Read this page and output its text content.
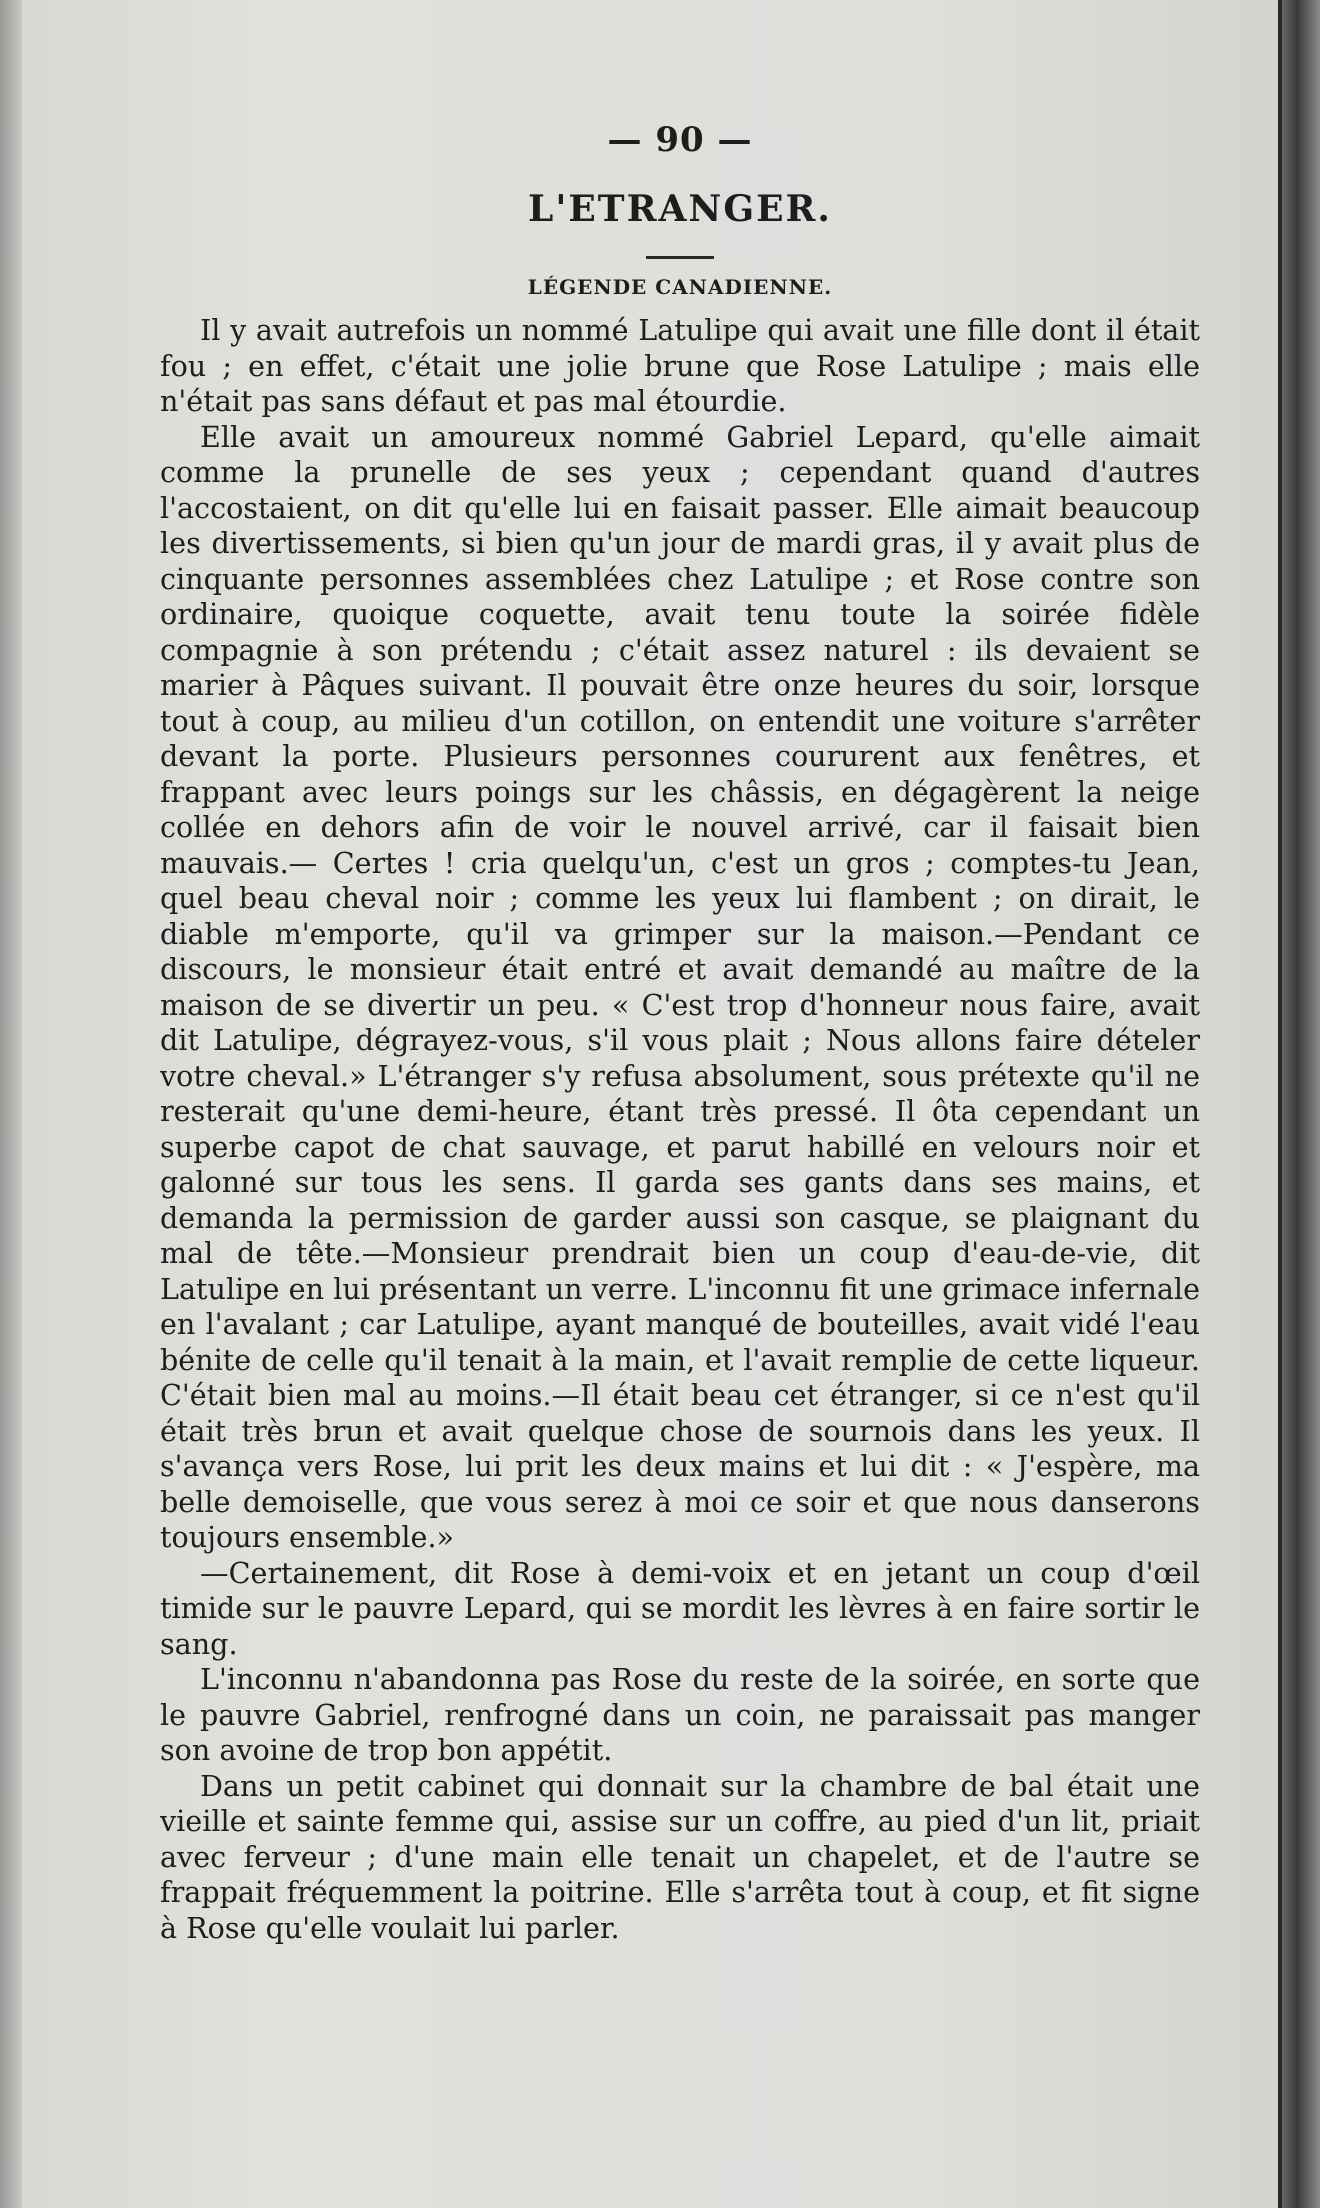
— 90 —
L'ETRANGER.
LÉGENDE CANADIENNE.

Il y avait autrefois un nommé Latulipe qui avait une fille dont il était fou ; en effet, c'était une jolie brune que Rose Latulipe ; mais elle n'était pas sans défaut et pas mal étourdie.

Elle avait un amoureux nommé Gabriel Lepard, qu'elle aimait comme la prunelle de ses yeux ; cependant quand d'autres l'accostaient, on dit qu'elle lui en faisait passer. Elle aimait beaucoup les divertissements, si bien qu'un jour de mardi gras, il y avait plus de cinquante personnes assemblées chez Latulipe ; et Rose contre son ordinaire, quoique coquette, avait tenu toute la soirée fidèle compagnie à son prétendu ; c'était assez naturel : ils devaient se marier à Pâques suivant. Il pouvait être onze heures du soir, lorsque tout à coup, au milieu d'un cotillon, on entendit une voiture s'arrêter devant la porte. Plusieurs personnes coururent aux fenêtres, et frappant avec leurs poings sur les châssis, en dégagèrent la neige collée en dehors afin de voir le nouvel arrivé, car il faisait bien mauvais.— Certes ! cria quelqu'un, c'est un gros ; comptes-tu Jean, quel beau cheval noir ; comme les yeux lui flambent ; on dirait, le diable m'emporte, qu'il va grimper sur la maison.—Pendant ce discours, le monsieur était entré et avait demandé au maître de la maison de se divertir un peu. « C'est trop d'honneur nous faire, avait dit Latulipe, dégrayez-vous, s'il vous plait ; Nous allons faire dételer votre cheval.» L'étranger s'y refusa absolument, sous prétexte qu'il ne resterait qu'une demi-heure, étant très pressé. Il ôta cependant un superbe capot de chat sauvage, et parut habillé en velours noir et galonné sur tous les sens. Il garda ses gants dans ses mains, et demanda la permission de garder aussi son casque, se plaignant du mal de tête.—Monsieur prendrait bien un coup d'eau-de-vie, dit Latulipe en lui présentant un verre. L'inconnu fit une grimace infernale en l'avalant ; car Latulipe, ayant manqué de bouteilles, avait vidé l'eau bénite de celle qu'il tenait à la main, et l'avait remplie de cette liqueur. C'était bien mal au moins.—Il était beau cet étranger, si ce n'est qu'il était très brun et avait quelque chose de sournois dans les yeux. Il s'avança vers Rose, lui prit les deux mains et lui dit : « J'espère, ma belle demoiselle, que vous serez à moi ce soir et que nous danserons toujours ensemble.»

—Certainement, dit Rose à demi-voix et en jetant un coup d'œil timide sur le pauvre Lepard, qui se mordit les lèvres à en faire sortir le sang.

L'inconnu n'abandonna pas Rose du reste de la soirée, en sorte que le pauvre Gabriel, renfrogné dans un coin, ne paraissait pas manger son avoine de trop bon appétit.

Dans un petit cabinet qui donnait sur la chambre de bal était une vieille et sainte femme qui, assise sur un coffre, au pied d'un lit, priait avec ferveur ; d'une main elle tenait un chapelet, et de l'autre se frappait fréquemment la poitrine. Elle s'arrêta tout à coup, et fit signe à Rose qu'elle voulait lui parler.
